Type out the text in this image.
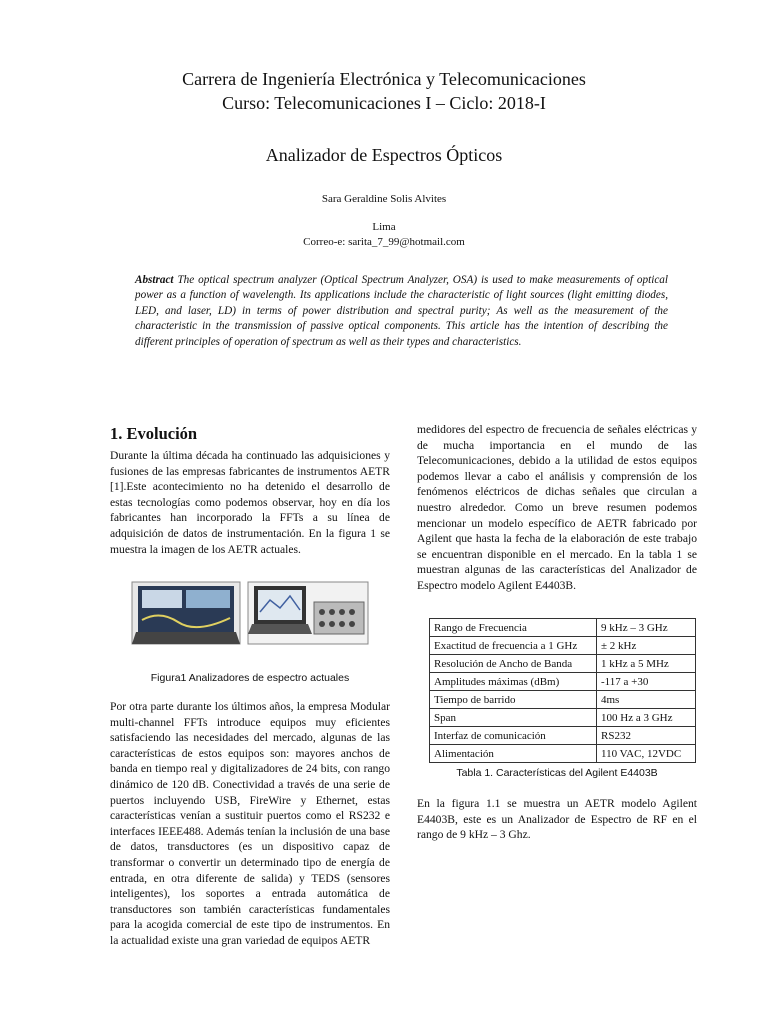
Carrera de Ingeniería Electrónica y Telecomunicaciones
Curso: Telecomunicaciones I – Ciclo: 2018-I
Analizador de Espectros Ópticos
Sara Geraldine Solis Alvites
Lima
Correo-e: sarita_7_99@hotmail.com
Abstract The optical spectrum analyzer (Optical Spectrum Analyzer, OSA) is used to make measurements of optical power as a function of wavelength. Its applications include the characteristic of light sources (light emitting diodes, LED, and laser, LD) in terms of power distribution and spectral purity; As well as the measurement of the characteristic in the transmission of passive optical components. This article has the intention of describing the different principles of operation of spectrum as well as their types and characteristics.
1. Evolución
Durante la última década ha continuado las adquisiciones y fusiones de las empresas fabricantes de instrumentos AETR [1].Este acontecimiento no ha detenido el desarrollo de estas tecnologías como podemos observar, hoy en día los fabricantes han incorporado la FFTs a su línea de adquisición de datos de instrumentación. En la figura 1 se muestra la imagen de los AETR actuales.
Figura1 Analizadores de espectro actuales
Por otra parte durante los últimos años, la empresa Modular multi-channel FFTs introduce equipos muy eficientes satisfaciendo las necesidades del mercado, algunas de las características de estos equipos son: mayores anchos de banda en tiempo real y digitalizadores de 24 bits, con rango dinámico de 120 dB. Conectividad a través de una serie de puertos incluyendo USB, FireWire y Ethernet, estas características venían a sustituir puertos como el RS232 e interfaces IEEE488. Además tenían la inclusión de una base de datos, transductores (es un dispositivo capaz de transformar o convertir un determinado tipo de energía de entrada, en otra diferente de salida) y TEDS (sensores inteligentes), los soportes a entrada automática de transductores son también características fundamentales para la acogida comercial de este tipo de instrumentos. En la actualidad existe una gran variedad de equipos AETR
medidores del espectro de frecuencia de señales eléctricas y de mucha importancia en el mundo de las Telecomunicaciones, debido a la utilidad de estos equipos podemos llevar a cabo el análisis y comprensión de los fenómenos eléctricos de dichas señales que circulan a nuestro alrededor. Como un breve resumen podemos mencionar un modelo específico de AETR fabricado por Agilent que hasta la fecha de la elaboración de este trabajo se encuentran disponible en el mercado. En la tabla 1 se muestran algunas de las características del Analizador de Espectro modelo Agilent E4403B.
Rango de Frecuencia	9 kHz – 3 GHz
Exactitud de frecuencia a 1 GHz	± 2 kHz
Resolución de Ancho de Banda	1 kHz a 5 MHz
Amplitudes máximas (dBm)	-117 a +30
Tiempo de barrido	4ms
Span	100 Hz a 3 GHz
Interfaz de comunicación	RS232
Alimentación	110 VAC, 12VDC
Tabla 1. Características del Agilent E4403B
En la figura 1.1 se muestra un AETR modelo Agilent E4403B, este es un Analizador de Espectro de RF en el rango de 9 kHz – 3 Ghz.
